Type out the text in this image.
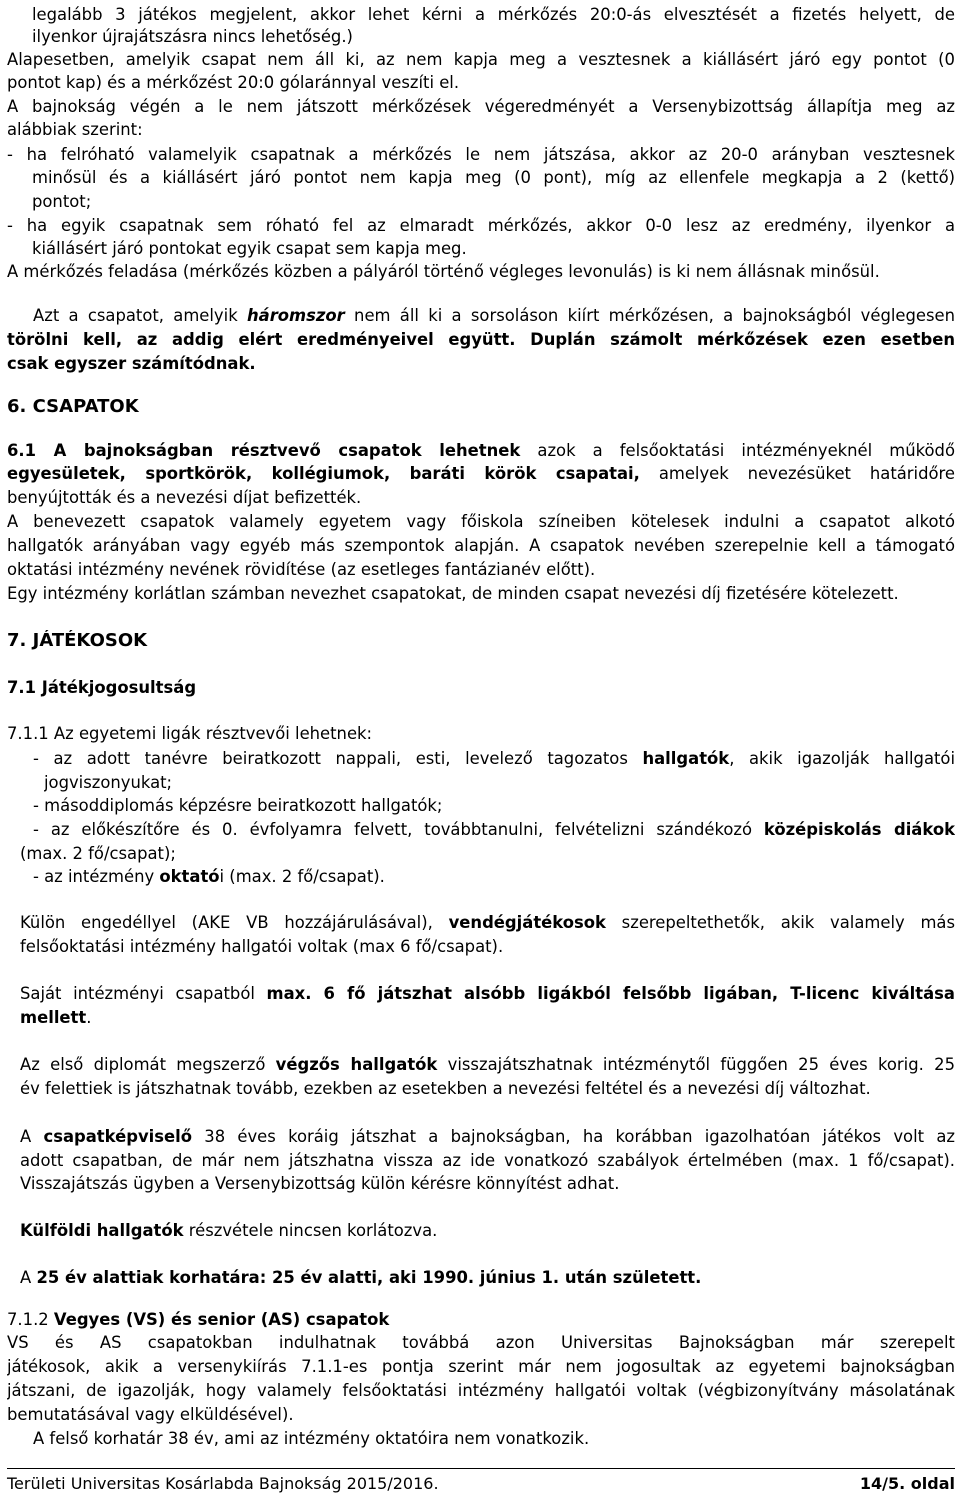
legalább 3 játékos megjelent, akkor lehet kérni a mérkőzés 20:0-ás elvesztését a fizetés helyett, de
ilyenkor újrajátszásra nincs lehetőség.)
Alapesetben, amelyik csapat nem áll ki, az nem kapja meg a vesztesnek a kiállásért járó egy pontot (0
pontot kap) és a mérkőzést 20:0 gólaránnyal veszíti el.
A bajnokság végén a le nem játszott mérkőzések végeredményét a Versenybizottság állapítja meg az
alábbiak szerint:
- ha felróható valamelyik csapatnak a mérkőzés le nem játszása, akkor az 20-0 arányban vesztesnek
minősül és a kiállásért járó pontot nem kapja meg (0 pont), míg az ellenfele megkapja a 2 (kettő)
pontot;
- ha egyik csapatnak sem róható fel az elmaradt mérkőzés, akkor 0-0 lesz az eredmény, ilyenkor a
kiállásért járó pontokat egyik csapat sem kapja meg.
A mérkőzés feladása (mérkőzés közben a pályáról történő végleges levonulás) is ki nem állásnak minősül.
Azt a csapatot, amelyik háromszor nem áll ki a sorsoláson kiírt mérkőzésen, a bajnokságból véglegesen
törölni kell, az addig elért eredményeivel együtt. Duplán számolt mérkőzések ezen esetben
csak egyszer számítódnak.
6. CSAPATOK
6.1 A bajnokságban résztvevő csapatok lehetnek azok a felsőoktatási intézményeknél működő
egyesületek, sportkörök, kollégiumok, baráti körök csapatai, amelyek nevezésüket határidőre
benyújtották és a nevezési díjat befizették.
A benevezett csapatok valamely egyetem vagy főiskola színeiben kötelesek indulni a csapatot alkotó
hallgatók arányában vagy egyéb más szempontok alapján. A csapatok nevében szerepelnie kell a támogató
oktatási intézmény nevének rövidítése (az esetleges fantázianév előtt).
Egy intézmény korlátlan számban nevezhet csapatokat, de minden csapat nevezési díj fizetésére kötelezett.
7. JÁTÉKOSOK
7.1 Játékjogosultság
7.1.1 Az egyetemi ligák résztvevői lehetnek:
- az adott tanévre beiratkozott nappali, esti, levelező tagozatos hallgatók, akik igazolják hallgatói
jogviszonyukat;
- másoddiplomás képzésre beiratkozott hallgatók;
- az előkészítőre és 0. évfolyamra felvett, továbbtanulni, felvételizni szándékozó középiskolás diákok
(max. 2 fő/csapat);
- az intézmény oktatói (max. 2 fő/csapat).
Külön engedéllyel (AKE VB hozzájárulásával), vendégjátékosok szerepeltethetők, akik valamely más
felsőoktatási intézmény hallgatói voltak (max 6 fő/csapat).
Saját intézményi csapatból max. 6 fő játszhat alsóbb ligákból felsőbb ligában, T-licenc kiváltása
mellett.
Az első diplomát megszerző végzős hallgatók visszajátszhatnak intézménytől függően 25 éves korig. 25
év felettiek is játszhatnak tovább, ezekben az esetekben a nevezési feltétel és a nevezési díj változhat.
A csapatképviselő 38 éves koráig játszhat a bajnokságban, ha korábban igazolhatóan játékos volt az
adott csapatban, de már nem játszhatna vissza az ide vonatkozó szabályok értelmében (max. 1 fő/csapat).
Visszajátszás ügyben a Versenybizottság külön kérésre könnyítést adhat.
Külföldi hallgatók részvétele nincsen korlátozva.
A 25 év alattiak korhatára: 25 év alatti, aki 1990. június 1. után született.
7.1.2 Vegyes (VS) és senior (AS) csapatok
VS és AS csapatokban indulhatnak továbbá azon Universitas Bajnokságban már szerepelt
játékosok, akik a versenykiírás 7.1.1-es pontja szerint már nem jogosultak az egyetemi bajnokságban
játszani, de igazolják, hogy valamely felsőoktatási intézmény hallgatói voltak (végbizonyítvány másolatának
bemutatásával vagy elküldésével).
A felső korhatár 38 év, ami az intézmény oktatóira nem vonatkozik.
Területi Universitas Kosárlabda Bajnokság 2015/2016.	14/5. oldal
